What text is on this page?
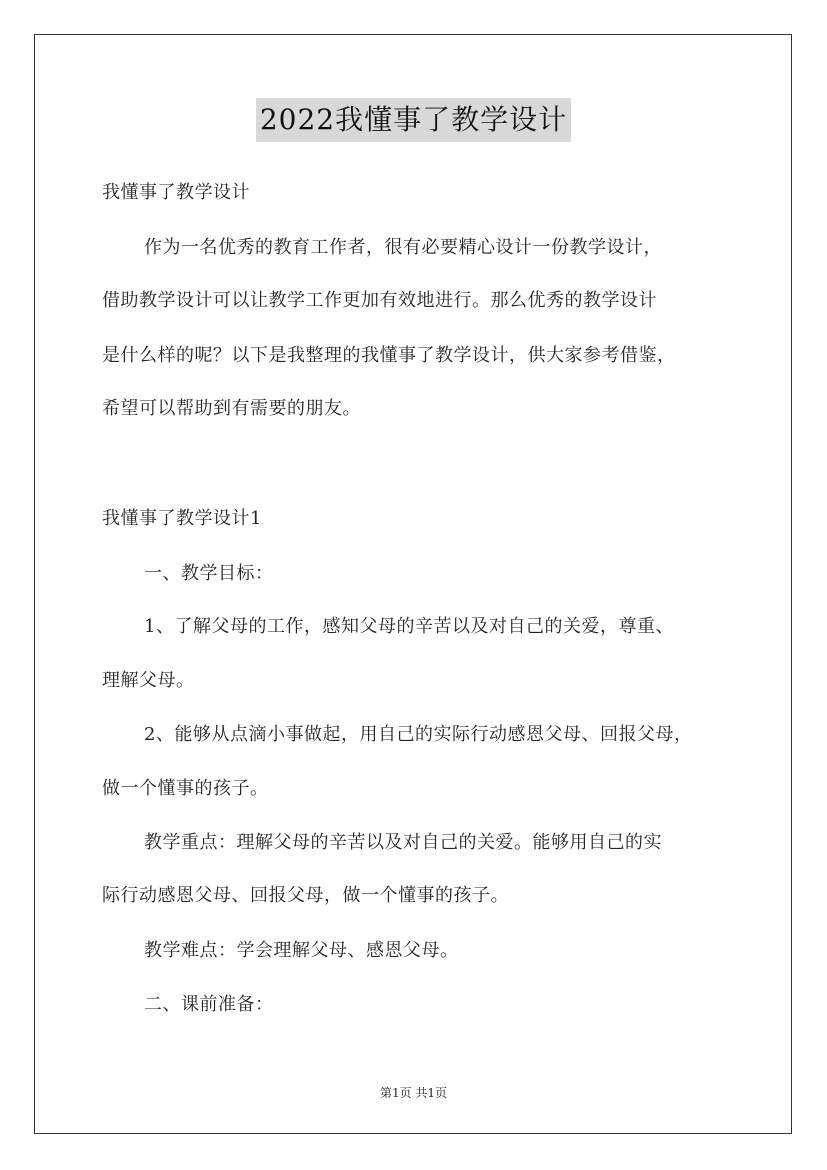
2022我懂事了教学设计
我懂事了教学设计
作为一名优秀的教育工作者，很有必要精心设计一份教学设计，
借助教学设计可以让教学工作更加有效地进行。那么优秀的教学设计
是什么样的呢？以下是我整理的我懂事了教学设计，供大家参考借鉴，
希望可以帮助到有需要的朋友。
我懂事了教学设计1
一、教学目标：
1、了解父母的工作，感知父母的辛苦以及对自己的关爱，尊重、
理解父母。
2、能够从点滴小事做起，用自己的实际行动感恩父母、回报父母，
做一个懂事的孩子。
教学重点：理解父母的辛苦以及对自己的关爱。能够用自己的实
际行动感恩父母、回报父母，做一个懂事的孩子。
教学难点：学会理解父母、感恩父母。
二、课前准备：
第1页 共1页
